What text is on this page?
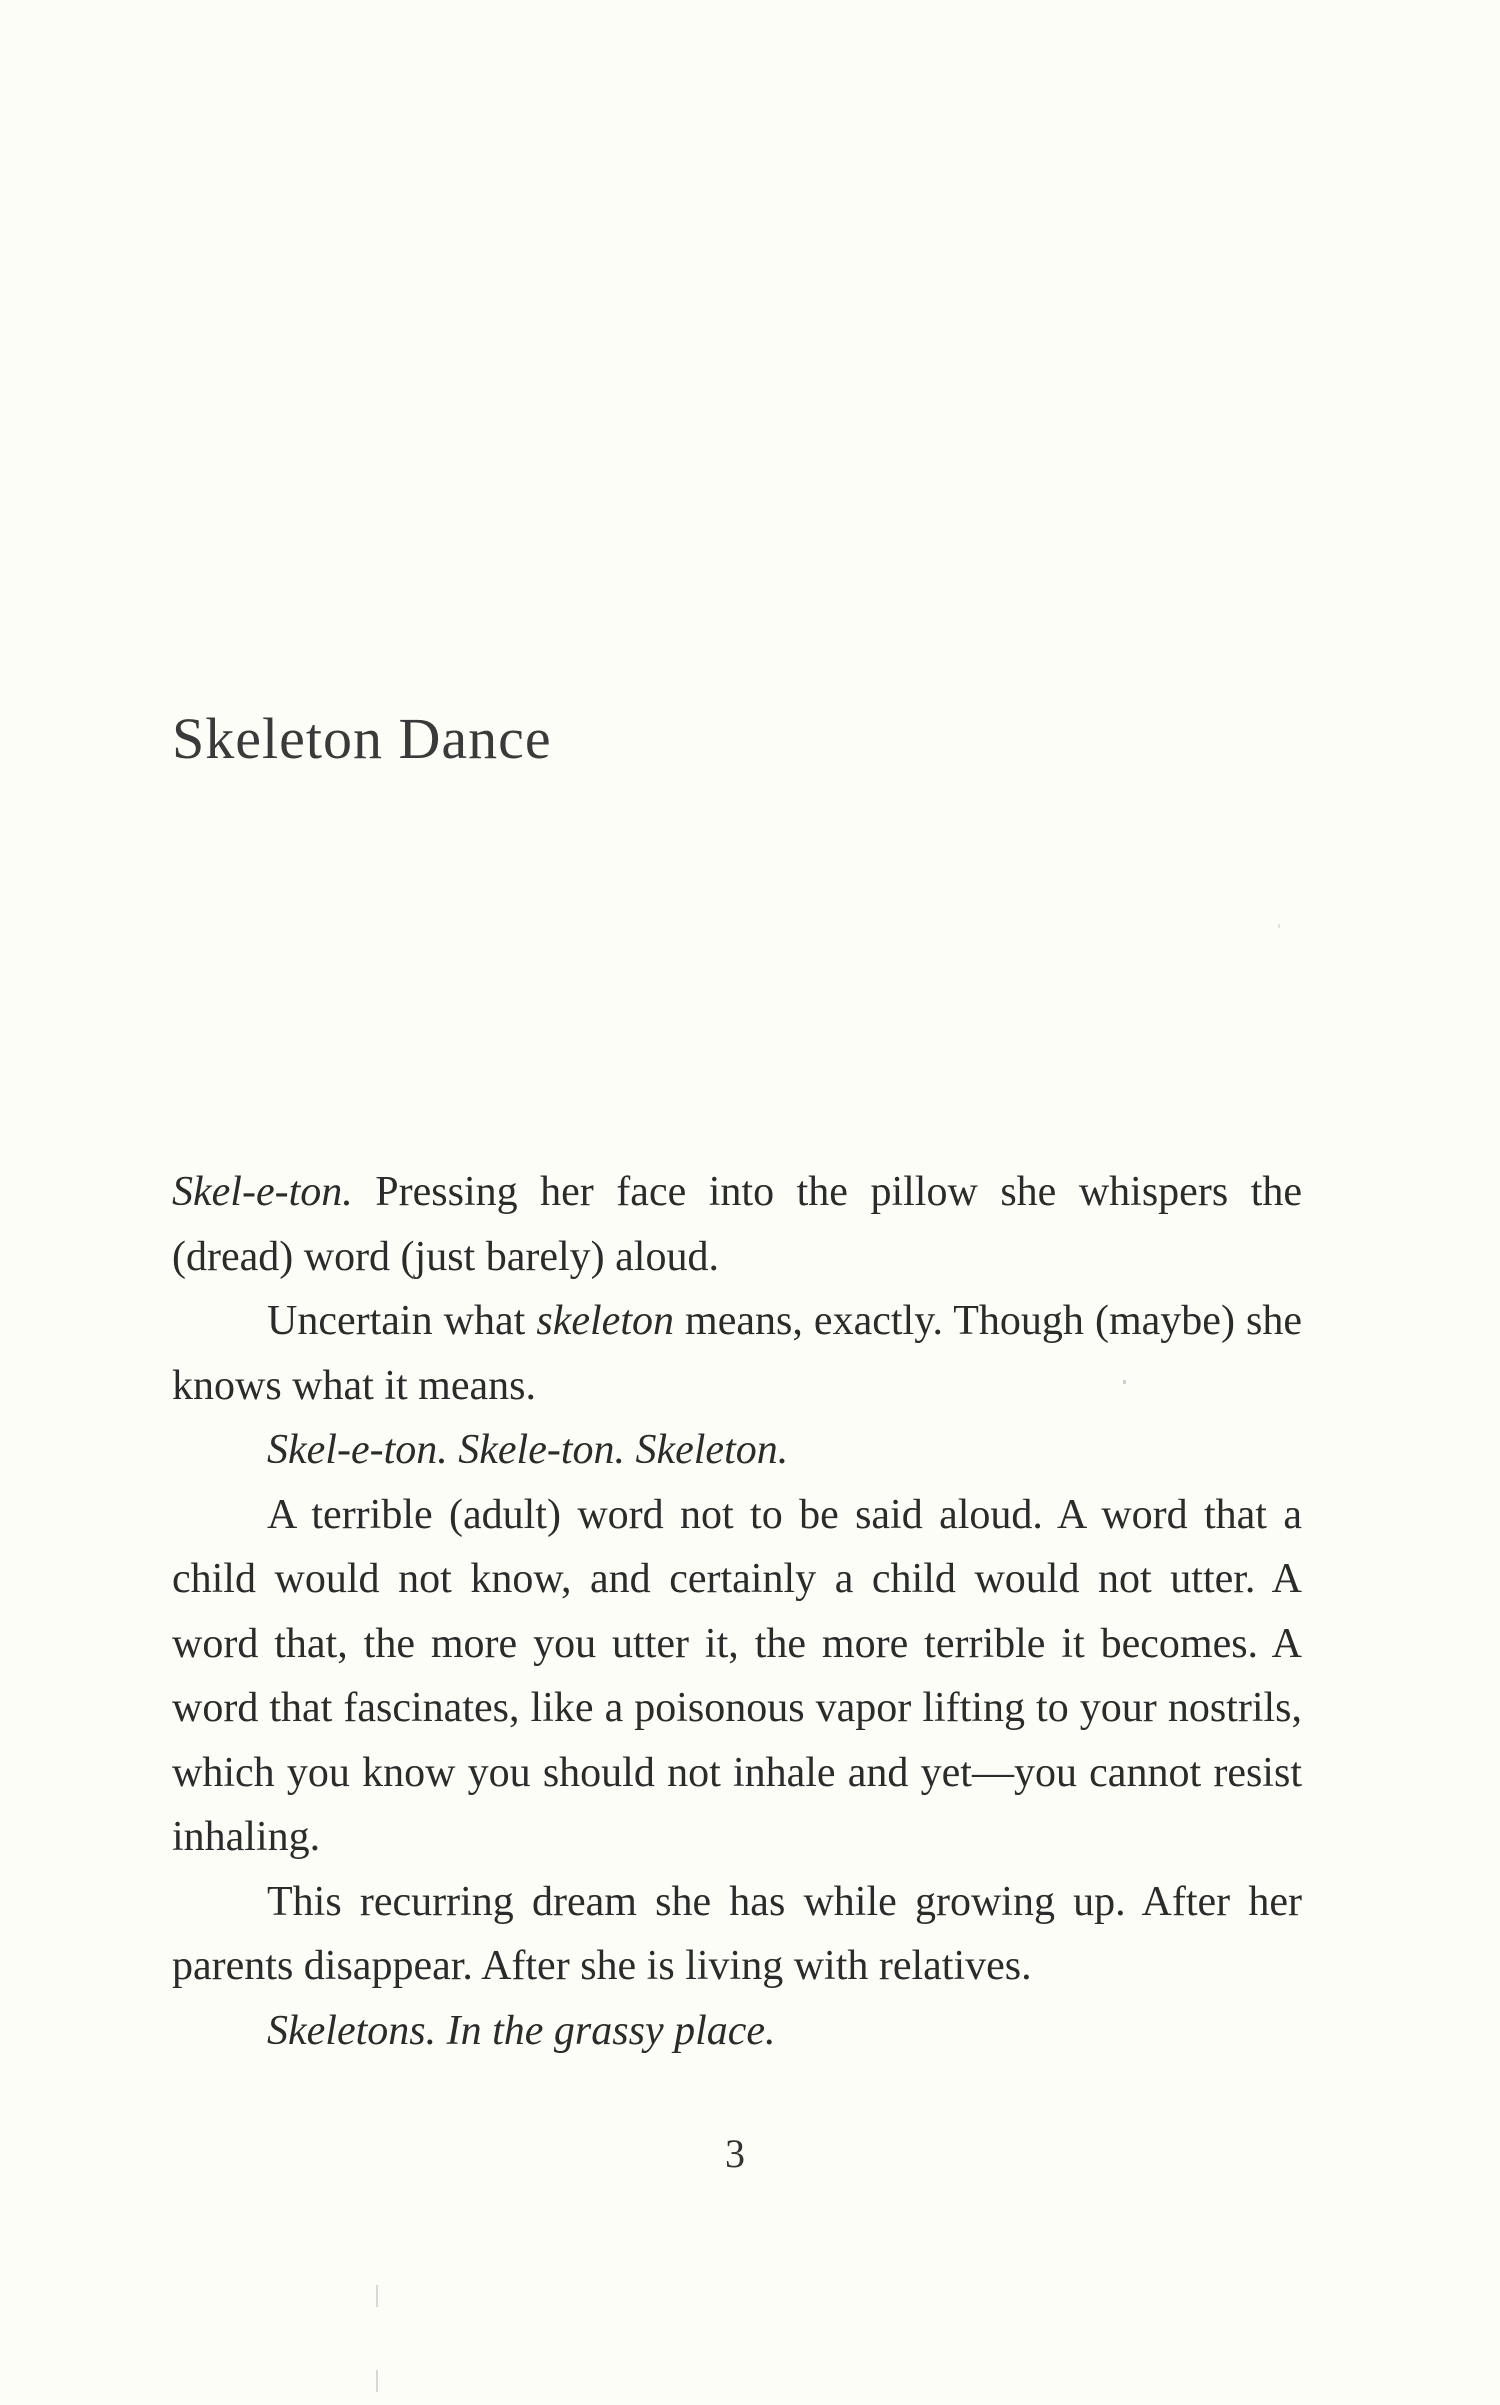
Skeleton Dance

Skel-e-ton. Pressing her face into the pillow she whispers the (dread) word (just barely) aloud.

Uncertain what skeleton means, exactly. Though (maybe) she knows what it means.

Skel-e-ton. Skele-ton. Skeleton.

A terrible (adult) word not to be said aloud. A word that a child would not know, and certainly a child would not utter. A word that, the more you utter it, the more terrible it becomes. A word that fascinates, like a poisonous vapor lifting to your nostrils, which you know you should not inhale and yet—you cannot resist inhaling.

This recurring dream she has while growing up. After her parents disappear. After she is living with relatives.

Skeletons. In the grassy place.

3
